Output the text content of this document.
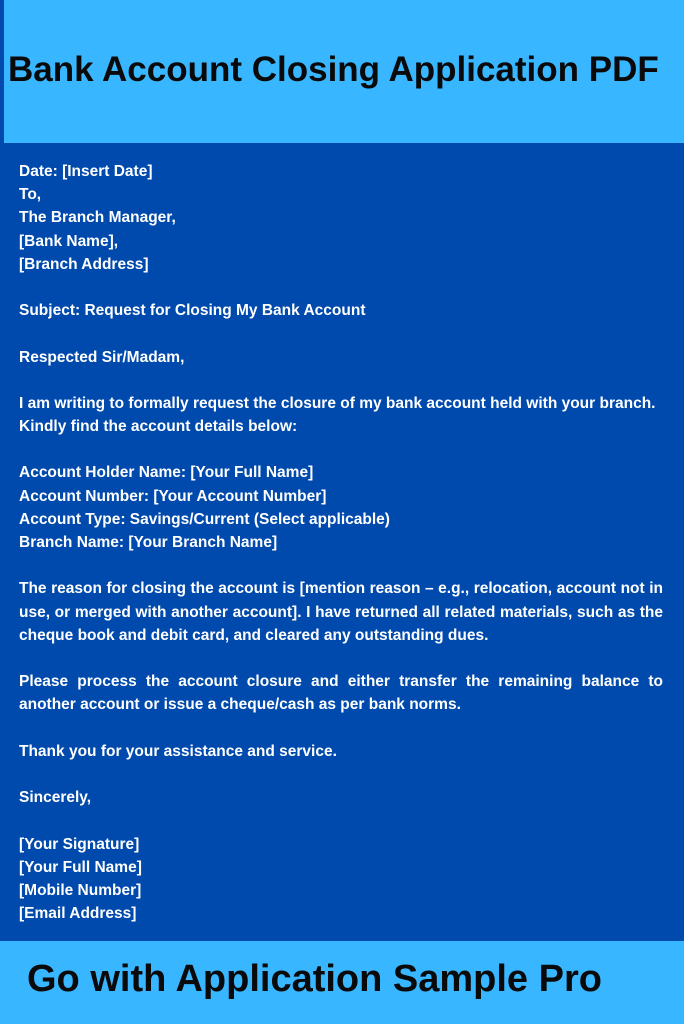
Bank Account Closing Application PDF
Date: [Insert Date]
To,
The Branch Manager,
[Bank Name],
[Branch Address]
Subject: Request for Closing My Bank Account
Respected Sir/Madam,
I am writing to formally request the closure of my bank account held with your branch.
Kindly find the account details below:
Account Holder Name: [Your Full Name]
Account Number: [Your Account Number]
Account Type: Savings/Current (Select applicable)
Branch Name: [Your Branch Name]

The reason for closing the account is [mention reason – e.g., relocation, account not in use, or merged with another account]. I have returned all related materials, such as the cheque book and debit card, and cleared any outstanding dues.

Please process the account closure and either transfer the remaining balance to another account or issue a cheque/cash as per bank norms.

Thank you for your assistance and service.
Sincerely,
[Your Signature]
[Your Full Name]
[Mobile Number]
[Email Address]

Go with Application Sample Pro
